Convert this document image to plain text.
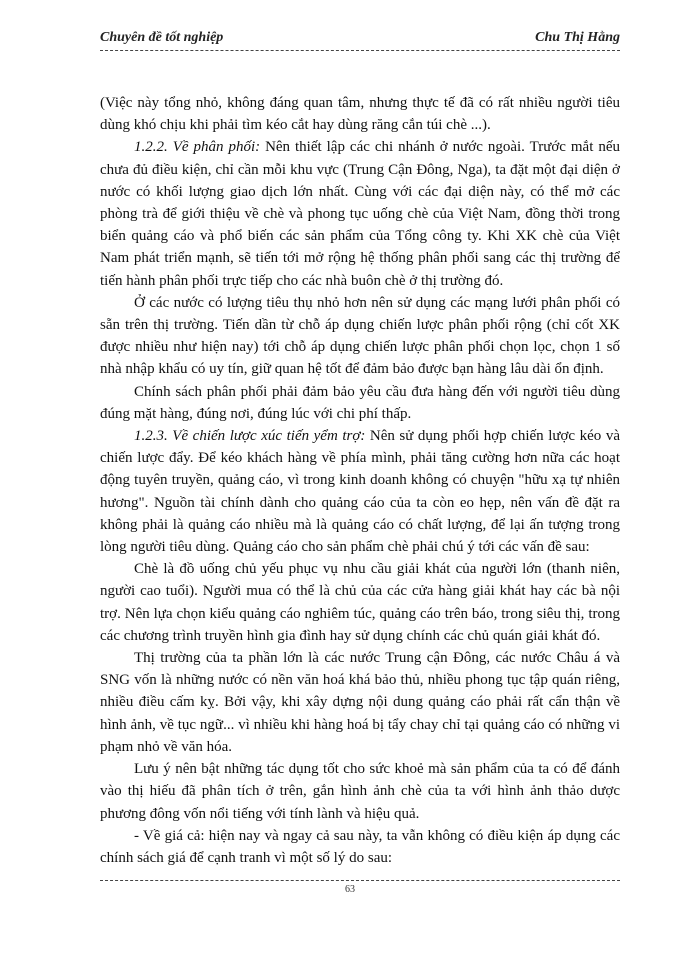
Chuyên đề tốt nghiệp	Chu Thị Hằng

(Việc này tổng nhỏ, không đáng quan tâm, nhưng thực tế đã có rất nhiều người tiêu dùng khó chịu khi phải tìm kéo cắt hay dùng răng cắn túi chè ...).

1.2.2. Về phân phối: Nên thiết lập các chi nhánh ở nước ngoài. Trước mắt nếu chưa đủ điều kiện, chỉ cần mỗi khu vực (Trung Cận Đông, Nga), ta đặt một đại diện ở nước có khối lượng giao dịch lớn nhất. Cùng với các đại diện này, có thể mở các phòng trà để giới thiệu về chè và phong tục uống chè của Việt Nam, đồng thời trong biển quảng cáo và phổ biến các sản phẩm của Tổng công ty. Khi XK chè của Việt Nam phát triển mạnh, sẽ tiến tới mở rộng hệ thống phân phối sang các thị trường để tiến hành phân phối trực tiếp cho các nhà buôn chè ở thị trường đó.

Ở các nước có lượng tiêu thụ nhỏ hơn nên sử dụng các mạng lưới phân phối có sẵn trên thị trường. Tiến dần từ chỗ áp dụng chiến lược phân phối rộng (chỉ cốt XK được nhiều như hiện nay) tới chỗ áp dụng chiến lược phân phối chọn lọc, chọn 1 số nhà nhập khẩu có uy tín, giữ quan hệ tốt để đảm bảo được bạn hàng lâu dài ổn định.

Chính sách phân phối phải đảm bảo yêu cầu đưa hàng đến với người tiêu dùng đúng mặt hàng, đúng nơi, đúng lúc với chi phí thấp.

1.2.3. Về chiến lược xúc tiến yểm trợ: Nên sử dụng phối hợp chiến lược kéo và chiến lược đẩy. Để kéo khách hàng về phía mình, phải tăng cường hơn nữa các hoạt động tuyên truyền, quảng cáo, vì trong kinh doanh không có chuyện "hữu xạ tự nhiên hương". Nguồn tài chính dành cho quảng cáo của ta còn eo hẹp, nên vấn đề đặt ra không phải là quảng cáo nhiều mà là quảng cáo có chất lượng, để lại ấn tượng trong lòng người tiêu dùng. Quảng cáo cho sản phẩm chè phải chú ý tới các vấn đề sau:

Chè là đồ uống chủ yếu phục vụ nhu cầu giải khát của người lớn (thanh niên, người cao tuổi). Người mua có thể là chủ của các cửa hàng giải khát hay các bà nội trợ. Nên lựa chọn kiểu quảng cáo nghiêm túc, quảng cáo trên báo, trong siêu thị, trong các chương trình truyền hình gia đình hay sử dụng chính các chủ quán giải khát đó.

Thị trường của ta phần lớn là các nước Trung cận Đông, các nước Châu á và SNG vốn là những nước có nền văn hoá khá bảo thủ, nhiều phong tục tập quán riêng, nhiều điều cấm kỵ. Bởi vậy, khi xây dựng nội dung quảng cáo phải rất cẩn thận về hình ảnh, về tục ngữ... vì nhiều khi hàng hoá bị tẩy chay chỉ tại quảng cáo có những vi phạm nhỏ về văn hóa.

Lưu ý nên bật những tác dụng tốt cho sức khoẻ mà sản phẩm của ta có để đánh vào thị hiếu đã phân tích ở trên, gắn hình ảnh chè của ta với hình ảnh thảo dược phương đông vốn nổi tiếng với tính lành và hiệu quả.

- Về giá cả: hiện nay và ngay cả sau này, ta vẫn không có điều kiện áp dụng các chính sách giá để cạnh tranh vì một số lý do sau:

63
